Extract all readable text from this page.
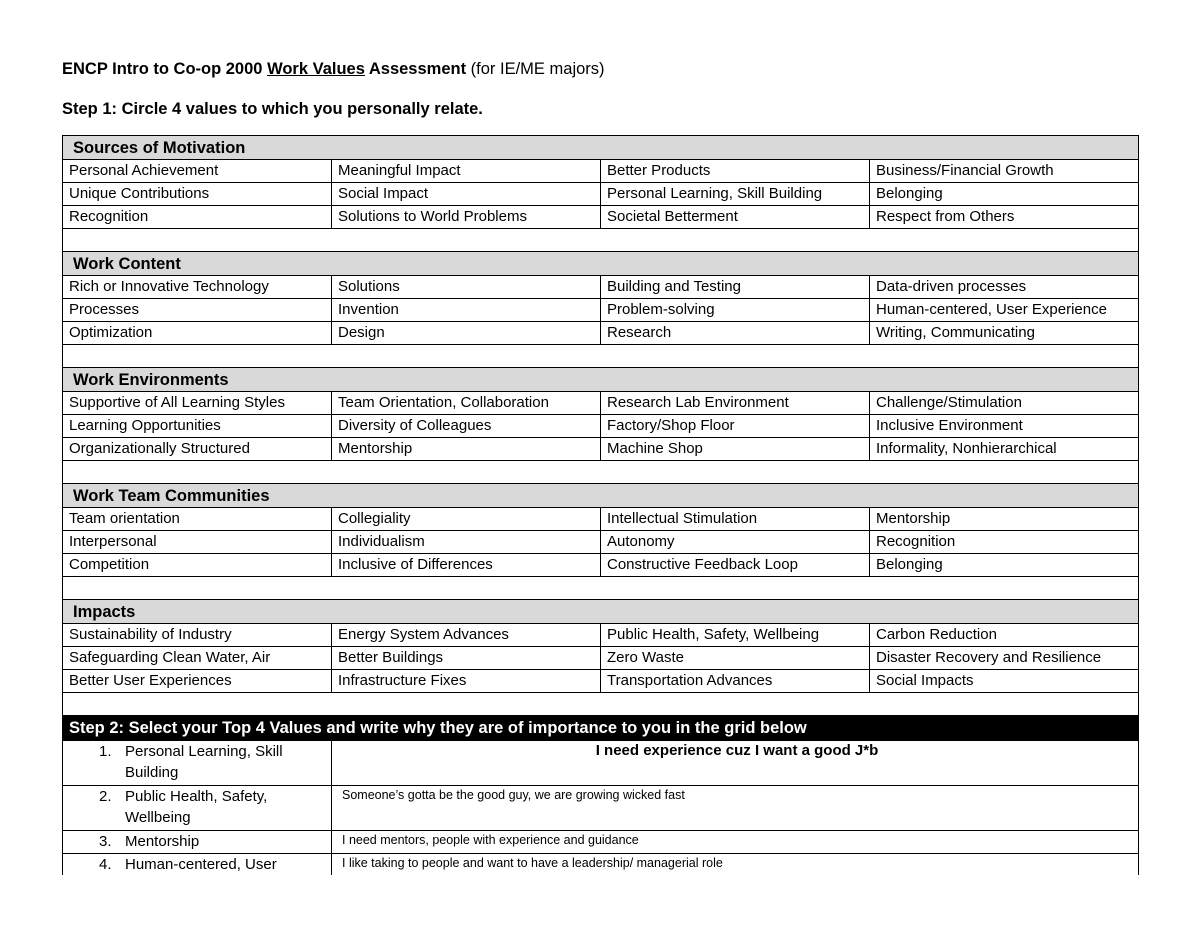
ENCP Intro to Co-op 2000 Work Values Assessment (for IE/ME majors)
Step 1: Circle 4 values to which you personally relate.
Sources of Motivation			
Personal Achievement	Meaningful Impact	Better Products	Business/Financial Growth
Unique Contributions	Social Impact	Personal Learning, Skill Building	Belonging
Recognition	Solutions to World Problems	Societal Betterment	Respect from Others

Work Content			
Rich or Innovative Technology	Solutions	Building and Testing	Data-driven processes
Processes	Invention	Problem-solving	Human-centered, User Experience
Optimization	Design	Research	Writing, Communicating

Work Environments			
Supportive of All Learning Styles	Team Orientation, Collaboration	Research Lab Environment	Challenge/Stimulation
Learning Opportunities	Diversity of Colleagues	Factory/Shop Floor	Inclusive Environment
Organizationally Structured	Mentorship	Machine Shop	Informality, Nonhierarchical

Work Team Communities			
Team orientation	Collegiality	Intellectual Stimulation	Mentorship
Interpersonal	Individualism	Autonomy	Recognition
Competition	Inclusive of Differences	Constructive Feedback Loop	Belonging

Impacts			
Sustainability of Industry	Energy System Advances	Public Health, Safety, Wellbeing	Carbon Reduction
Safeguarding Clean Water, Air	Better Buildings	Zero Waste	Disaster Recovery and Resilience
Better User Experiences	Infrastructure Fixes	Transportation Advances	Social Impacts

Step 2: Select your Top 4 Values and write why they are of importance to you in the grid below			
1. Personal Learning, Skill
Building	I need experience cuz I want a good J*b		
2. Public Health, Safety,
Wellbeing	Someone’s gotta be the good guy, we are growing wicked fast		
3.Mentorship	I need mentors, people with experience and guidance		
4. Human-centered, User	I like taking to people and want to have a leadership/ managerial role		
